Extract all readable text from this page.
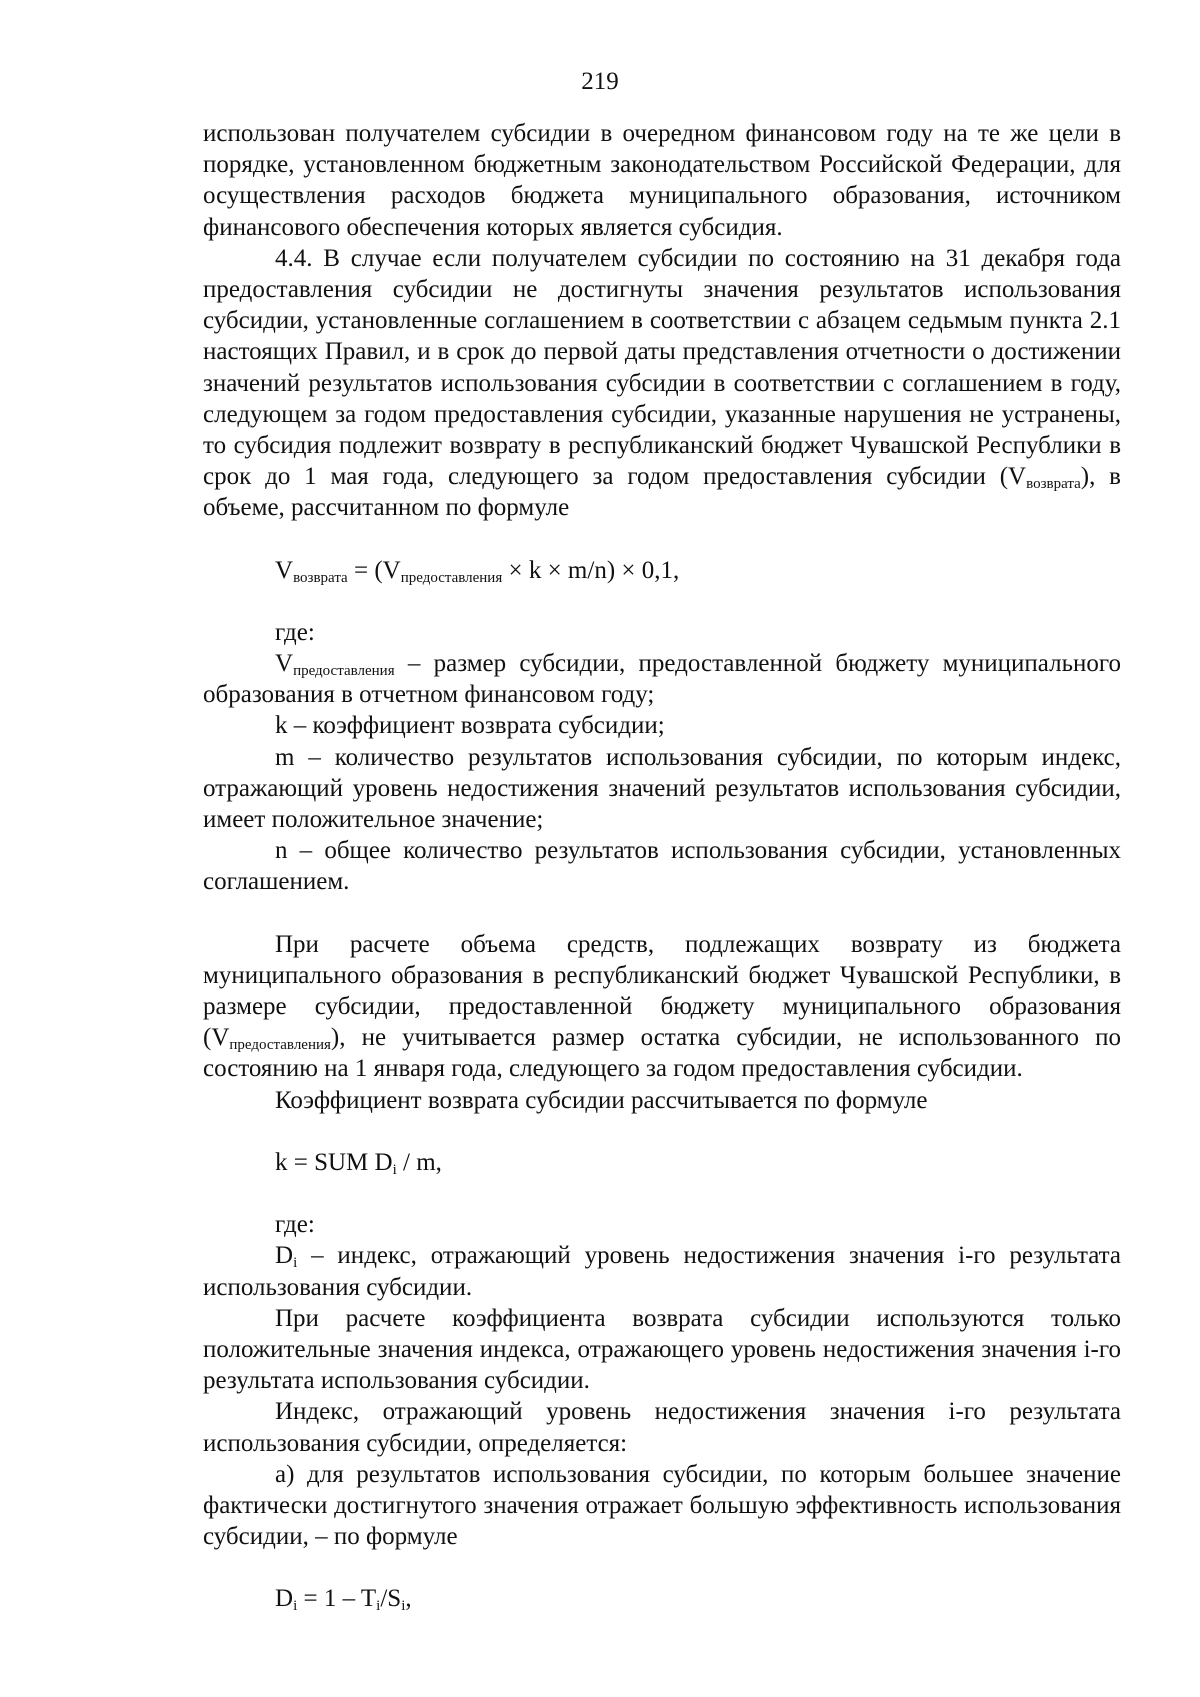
219

использован получателем субсидии в очередном финансовом году на те же цели в порядке, установленном бюджетным законодательством Российской Федерации, для осуществления расходов бюджета муниципального образования, источником финансового обеспечения которых является субсидия.

4.4. В случае если получателем субсидии по состоянию на 31 декабря года предоставления субсидии не достигнуты значения результатов использования субсидии, установленные соглашением в соответствии с абзацем седьмым пункта 2.1 настоящих Правил, и в срок до первой даты представления отчетности о достижении значений результатов использования субсидии в соответствии с соглашением в году, следующем за годом предоставления субсидии, указанные нарушения не устранены, то субсидия подлежит возврату в республиканский бюджет Чувашской Республики в срок до 1 мая года, следующего за годом предоставления субсидии $(V_{возврата})$, в объеме, рассчитанном по формуле

$V_{возврата} = (V_{предоставления} \times k \times m/n) \times 0,1$,

где:

$V_{предоставления}$ – размер субсидии, предоставленной бюджету муниципального образования в отчетном финансовом году;

k – коэффициент возврата субсидии;

m – количество результатов использования субсидии, по которым индекс, отражающий уровень недостижения значений результатов использования субсидии, имеет положительное значение;

n – общее количество результатов использования субсидии, установленных соглашением.

При расчете объема средств, подлежащих возврату из бюджета муниципального образования в республиканский бюджет Чувашской Республики, в размере субсидии, предоставленной бюджету муниципального образования $(V_{предоставления})$, не учитывается размер остатка субсидии, не использованного по состоянию на 1 января года, следующего за годом предоставления субсидии.

Коэффициент возврата субсидии рассчитывается по формуле

k = SUM $D_i$ / m,

где:

$D_i$ – индекс, отражающий уровень недостижения значения i-го результата использования субсидии.

При расчете коэффициента возврата субсидии используются только положительные значения индекса, отражающего уровень недостижения значения i-го результата использования субсидии.

Индекс, отражающий уровень недостижения значения i-го результата использования субсидии, определяется:

а) для результатов использования субсидии, по которым большее значение фактически достигнутого значения отражает большую эффективность использования субсидии, – по формуле

$D_i = 1 - T_i/S_i$,
